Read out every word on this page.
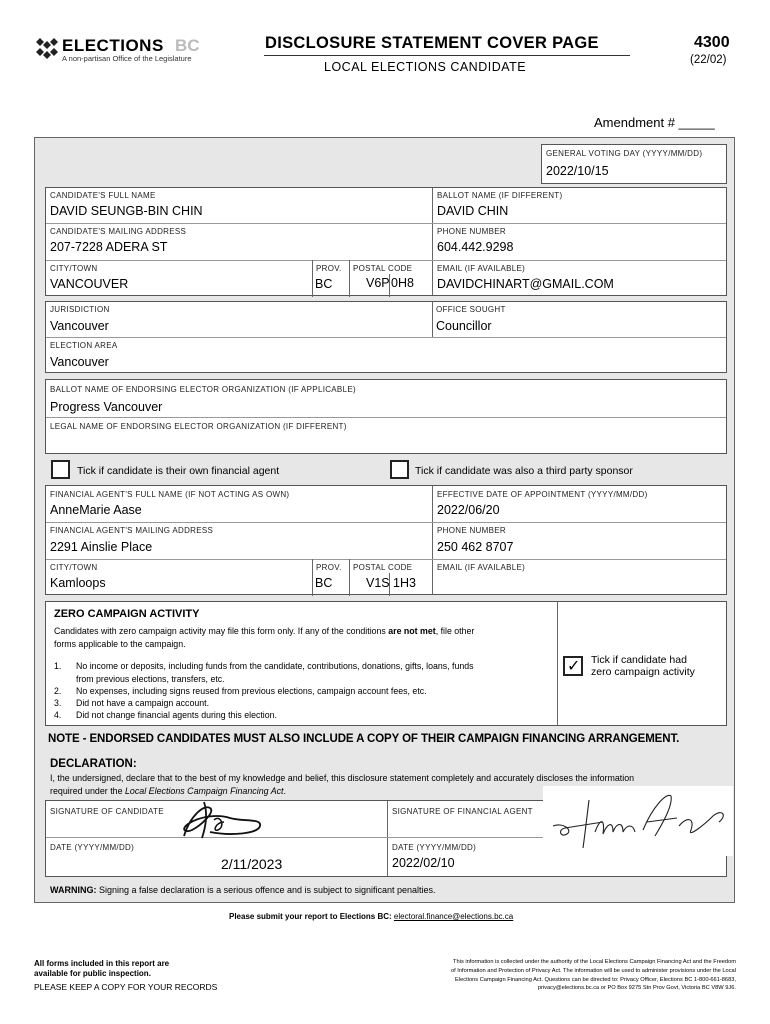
ELECTIONS BC
A non-partisan Office of the Legislature
DISCLOSURE STATEMENT COVER PAGE
LOCAL ELECTIONS CANDIDATE
4300
(22/02)
Amendment # _____
GENERAL VOTING DAY (YYYY/MM/DD)
2022/10/15
CANDIDATE'S FULL NAME
DAVID SEUNGB-BIN CHIN
BALLOT NAME (IF DIFFERENT)
DAVID CHIN
CANDIDATE'S MAILING ADDRESS
207-7228 ADERA ST
PHONE NUMBER
604.442.9298
CITY/TOWN
VANCOUVER
PROV.
BC
POSTAL CODE
V6P 0H8
EMAIL (IF AVAILABLE)
DAVIDCHINART@GMAIL.COM
JURISDICTION
Vancouver
OFFICE SOUGHT
Councillor
ELECTION AREA
Vancouver
BALLOT NAME OF ENDORSING ELECTOR ORGANIZATION (IF APPLICABLE)
Progress Vancouver
LEGAL NAME OF ENDORSING ELECTOR ORGANIZATION (IF DIFFERENT)
Tick if candidate is their own financial agent	Tick if candidate was also a third party sponsor
FINANCIAL AGENT'S FULL NAME (IF NOT ACTING AS OWN)
AnneMarie Aase
EFFECTIVE DATE OF APPOINTMENT (YYYY/MM/DD)
2022/06/20
FINANCIAL AGENT'S MAILING ADDRESS
2291 Ainslie Place
PHONE NUMBER
250 462 8707
CITY/TOWN
Kamloops
PROV.
BC
POSTAL CODE
V1S 1H3
EMAIL (IF AVAILABLE)
ZERO CAMPAIGN ACTIVITY
Candidates with zero campaign activity may file this form only. If any of the conditions are not met, file other
forms applicable to the campaign.
1. No income or deposits, including funds from the candidate, contributions, donations, gifts, loans, funds
from previous elections, transfers, etc.
2. No expenses, including signs reused from previous elections, campaign account fees, etc.
3. Did not have a campaign account.
4. Did not change financial agents during this election.
✓ Tick if candidate had
zero campaign activity
NOTE - ENDORSED CANDIDATES MUST ALSO INCLUDE A COPY OF THEIR CAMPAIGN FINANCING ARRANGEMENT.
DECLARATION:
I, the undersigned, declare that to the best of my knowledge and belief, this disclosure statement completely and accurately discloses the information
required under the Local Elections Campaign Financing Act.
SIGNATURE OF CANDIDATE	SIGNATURE OF FINANCIAL AGENT
DATE (YYYY/MM/DD)
2/11/2023
DATE (YYYY/MM/DD)
2022/02/10
WARNING: Signing a false declaration is a serious offence and is subject to significant penalties.
Please submit your report to Elections BC: electoral.finance@elections.bc.ca
All forms included in this report are
available for public inspection.
PLEASE KEEP A COPY FOR YOUR RECORDS
This information is collected under the authority of the Local Elections Campaign Financing Act and the Freedom
of Information and Protection of Privacy Act. The information will be used to administer provisions under the Local
Elections Campaign Financing Act. Questions can be directed to: Privacy Officer, Elections BC 1-800-661-8683,
privacy@elections.bc.ca or PO Box 9275 Stn Prov Govt, Victoria BC V8W 9J6.
